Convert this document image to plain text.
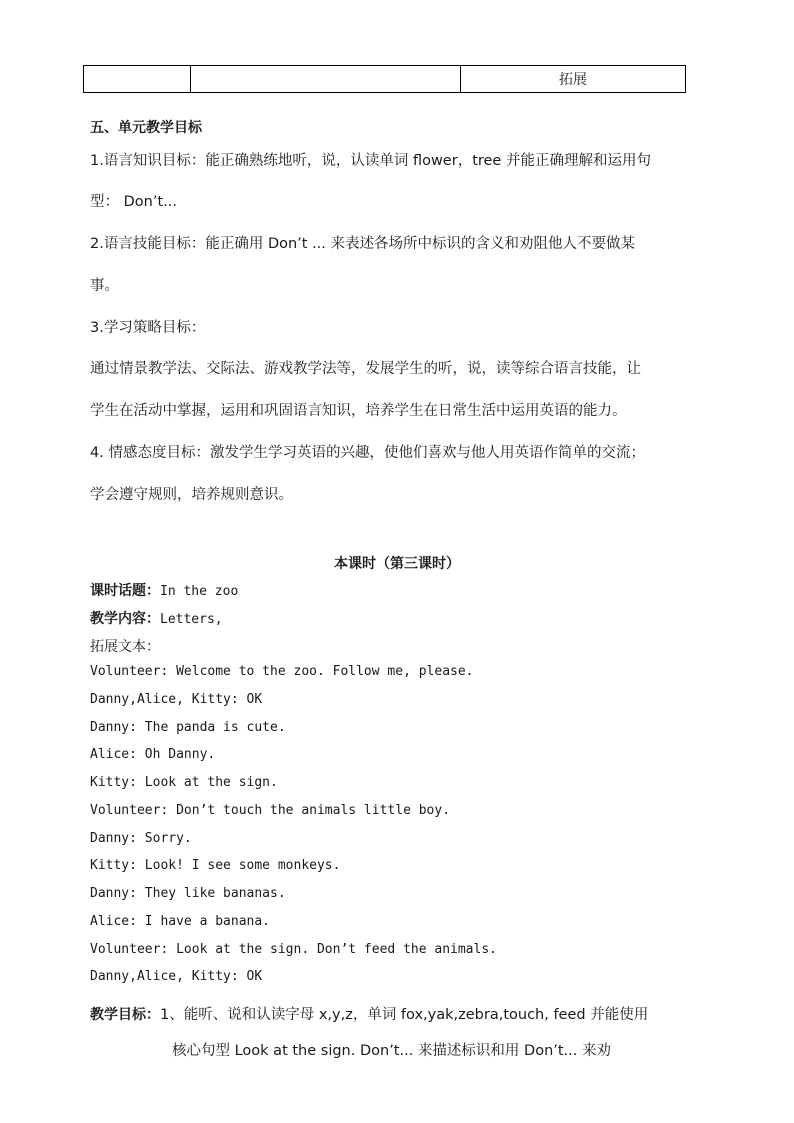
拓展
五、单元教学目标
1.语言知识目标：能正确熟练地听，说，认读单词 flower，tree 并能正确理解和运用句
型： Don’t...
2.语言技能目标：能正确用 Don’t ... 来表述各场所中标识的含义和劝阻他人不要做某
事。
3.学习策略目标：
通过情景教学法、交际法、游戏教学法等，发展学生的听，说，读等综合语言技能，让
学生在活动中掌握，运用和巩固语言知识，培养学生在日常生活中运用英语的能力。
4. 情感态度目标：激发学生学习英语的兴趣，使他们喜欢与他人用英语作简单的交流；
学会遵守规则，培养规则意识。
本课时（第三课时）
课时话题：In the zoo
教学内容：Letters,
拓展文本：
Volunteer: Welcome to the zoo. Follow me, please.
Danny,Alice, Kitty: OK
Danny: The panda is cute.
Alice: Oh Danny.
Kitty: Look at the sign.
Volunteer: Don’t touch the animals little boy.
Danny: Sorry.
Kitty: Look! I see some monkeys.
Danny: They like bananas.
Alice: I have a banana.
Volunteer: Look at the sign. Don’t feed the animals.
Danny,Alice, Kitty: OK
教学目标：1、能听、说和认读字母 x,y,z，单词 fox,yak,zebra,touch, feed 并能使用
核心句型 Look at the sign. Don’t... 来描述标识和用 Don’t... 来劝
